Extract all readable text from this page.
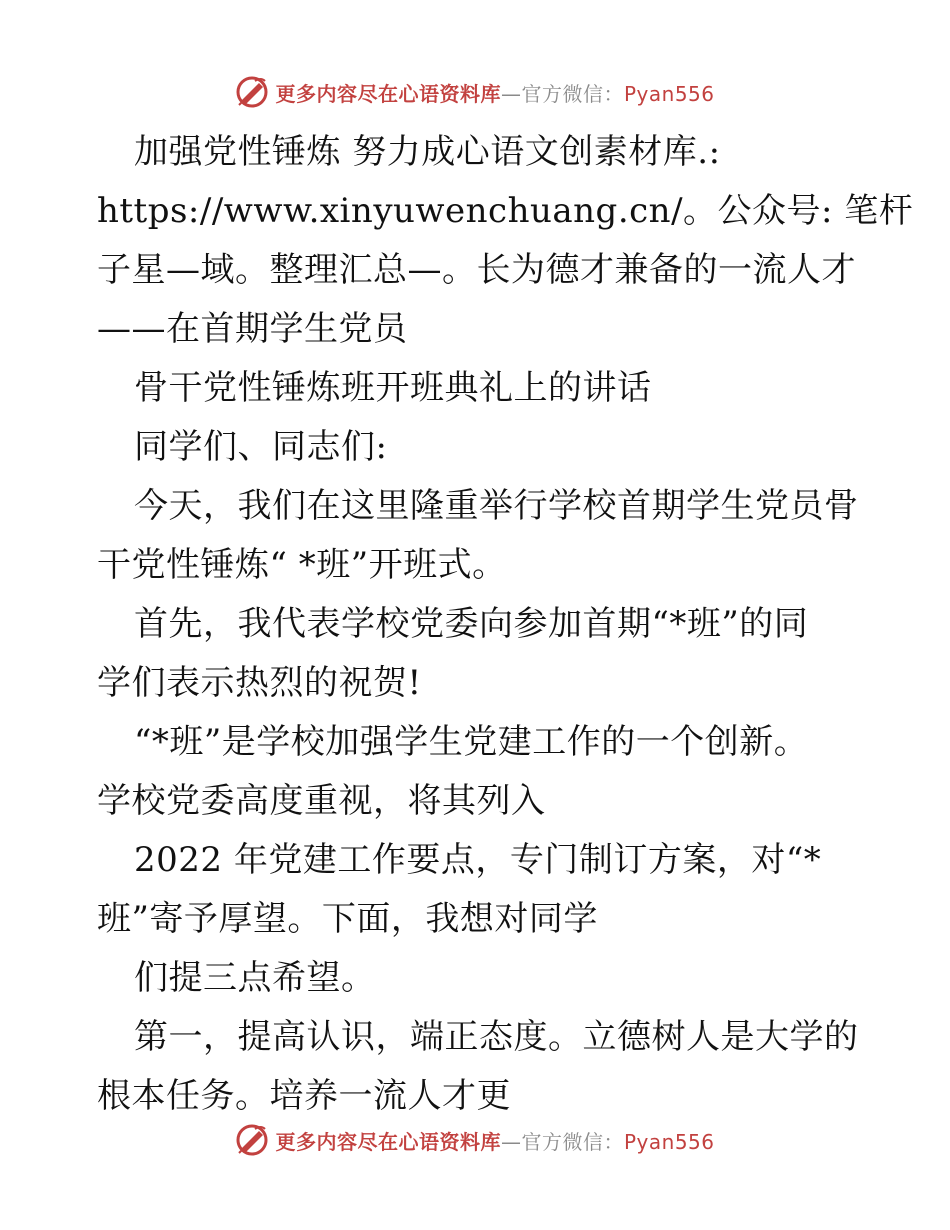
更多内容尽在心语资料库—官方微信：Pyan556
加强党性锤炼 努力成心语文创素材库.:
https://www.xinyuwenchuang.cn/。公众号: 笔杆
子星—域。整理汇总—。长为德才兼备的一流人才
——在首期学生党员
骨干党性锤炼班开班典礼上的讲话
同学们、同志们:
今天，我们在这里隆重举行学校首期学生党员骨
干党性锤炼“ *班”开班式。
首先，我代表学校党委向参加首期“*班”的同
学们表示热烈的祝贺!
“*班”是学校加强学生党建工作的一个创新。
学校党委高度重视，将其列入
2022 年党建工作要点，专门制订方案，对“*
班”寄予厚望。下面，我想对同学
们提三点希望。
第一，提高认识，端正态度。立德树人是大学的
根本任务。培养一流人才更
更多内容尽在心语资料库—官方微信：Pyan556
